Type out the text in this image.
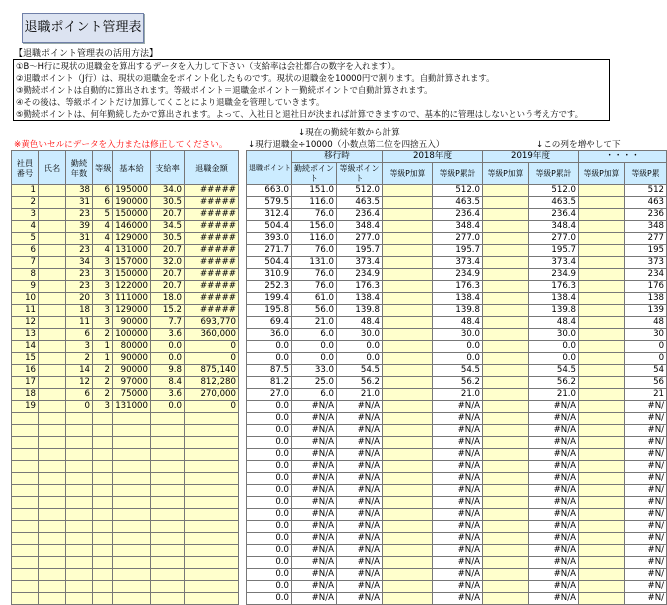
退職ポイント管理表
【退職ポイント管理表の活用方法】
①B～H行に現状の退職金を算出するデータを入力して下さい（支給率は会社都合の数字を入れます）。
②退職ポイント（J行）は、現状の退職金をポイント化したものです。現状の退職金を10000円で割ります。自動計算されます。
③勤続ポイントは自動的に算出されます。等級ポイント＝退職金ポイント－勤続ポイントで自動計算されます。
④その後は、等級ポイントだけ加算してくことにより退職金を管理していきます。
⑤勤続ポイントは、何年勤続したかで算出されます。よって、入社日と退社日が決まれば計算できますので、基本的に管理はしないという考え方です。
※黄色いセルにデータを入力または修正してください。
↓現在の勤続年数から計算
↓現行退職金÷10000（小数点第二位を四捨五入）	↓この列を増やして下
社員
番号	氏名	勤続
年数	等級	基本給	支給率	退職金額
1		38	6	195000	34.0	#####
2		31	6	190000	30.5	#####
3		23	5	150000	20.7	#####
4		39	4	146000	34.5	#####
5		31	4	129000	30.5	#####
6		23	4	131000	20.7	#####
7		34	3	157000	32.0	#####
8		23	3	150000	20.7	#####
9		23	3	122000	20.7	#####
10		20	3	111000	18.0	#####
11		18	3	129000	15.2	#####
12		11	3	90000	7.7	693,770
13		6	2	100000	3.6	360,000
14		3	1	80000	0.0	0
15		2	1	90000	0.0	0
16		14	2	90000	9.8	875,140
17		12	2	97000	8.4	812,280
18		6	2	75000	3.6	270,000
19		0	3	131000	0.0	0

退職ポイント	移行時		2018年度		2019年度		・・・・	
	勤続ポイント	等級ポイント	等級P加算	等級P累計	等級P加算	等級P累計	等級P加算	等級P累
663.0	151.0	512.0		512.0		512.0		512
579.5	116.0	463.5		463.5		463.5		463
312.4	76.0	236.4		236.4		236.4		236
504.4	156.0	348.4		348.4		348.4		348
393.0	116.0	277.0		277.0		277.0		277
271.7	76.0	195.7		195.7		195.7		195
504.4	131.0	373.4		373.4		373.4		373
310.9	76.0	234.9		234.9		234.9		234
252.3	76.0	176.3		176.3		176.3		176
199.4	61.0	138.4		138.4		138.4		138
195.8	56.0	139.8		139.8		139.8		139
69.4	21.0	48.4		48.4		48.4		48
36.0	6.0	30.0		30.0		30.0		30
0.0	0.0	0.0		0.0		0.0		0
0.0	0.0	0.0		0.0		0.0		0
87.5	33.0	54.5		54.5		54.5		54
81.2	25.0	56.2		56.2		56.2		56
27.0	6.0	21.0		21.0		21.0		21
0.0	#N/A	#N/A		#N/A		#N/A		#N/
0.0	#N/A	#N/A		#N/A		#N/A		#N/
0.0	#N/A	#N/A		#N/A		#N/A		#N/
0.0	#N/A	#N/A		#N/A		#N/A		#N/
0.0	#N/A	#N/A		#N/A		#N/A		#N/
0.0	#N/A	#N/A		#N/A		#N/A		#N/
0.0	#N/A	#N/A		#N/A		#N/A		#N/
0.0	#N/A	#N/A		#N/A		#N/A		#N/
0.0	#N/A	#N/A		#N/A		#N/A		#N/
0.0	#N/A	#N/A		#N/A		#N/A		#N/
0.0	#N/A	#N/A		#N/A		#N/A		#N/
0.0	#N/A	#N/A		#N/A		#N/A		#N/
0.0	#N/A	#N/A		#N/A		#N/A		#N/
0.0	#N/A	#N/A		#N/A		#N/A		#N/
0.0	#N/A	#N/A		#N/A		#N/A		#N/
0.0	#N/A	#N/A		#N/A		#N/A		#N/
0.0	#N/A	#N/A		#N/A		#N/A		#N/
